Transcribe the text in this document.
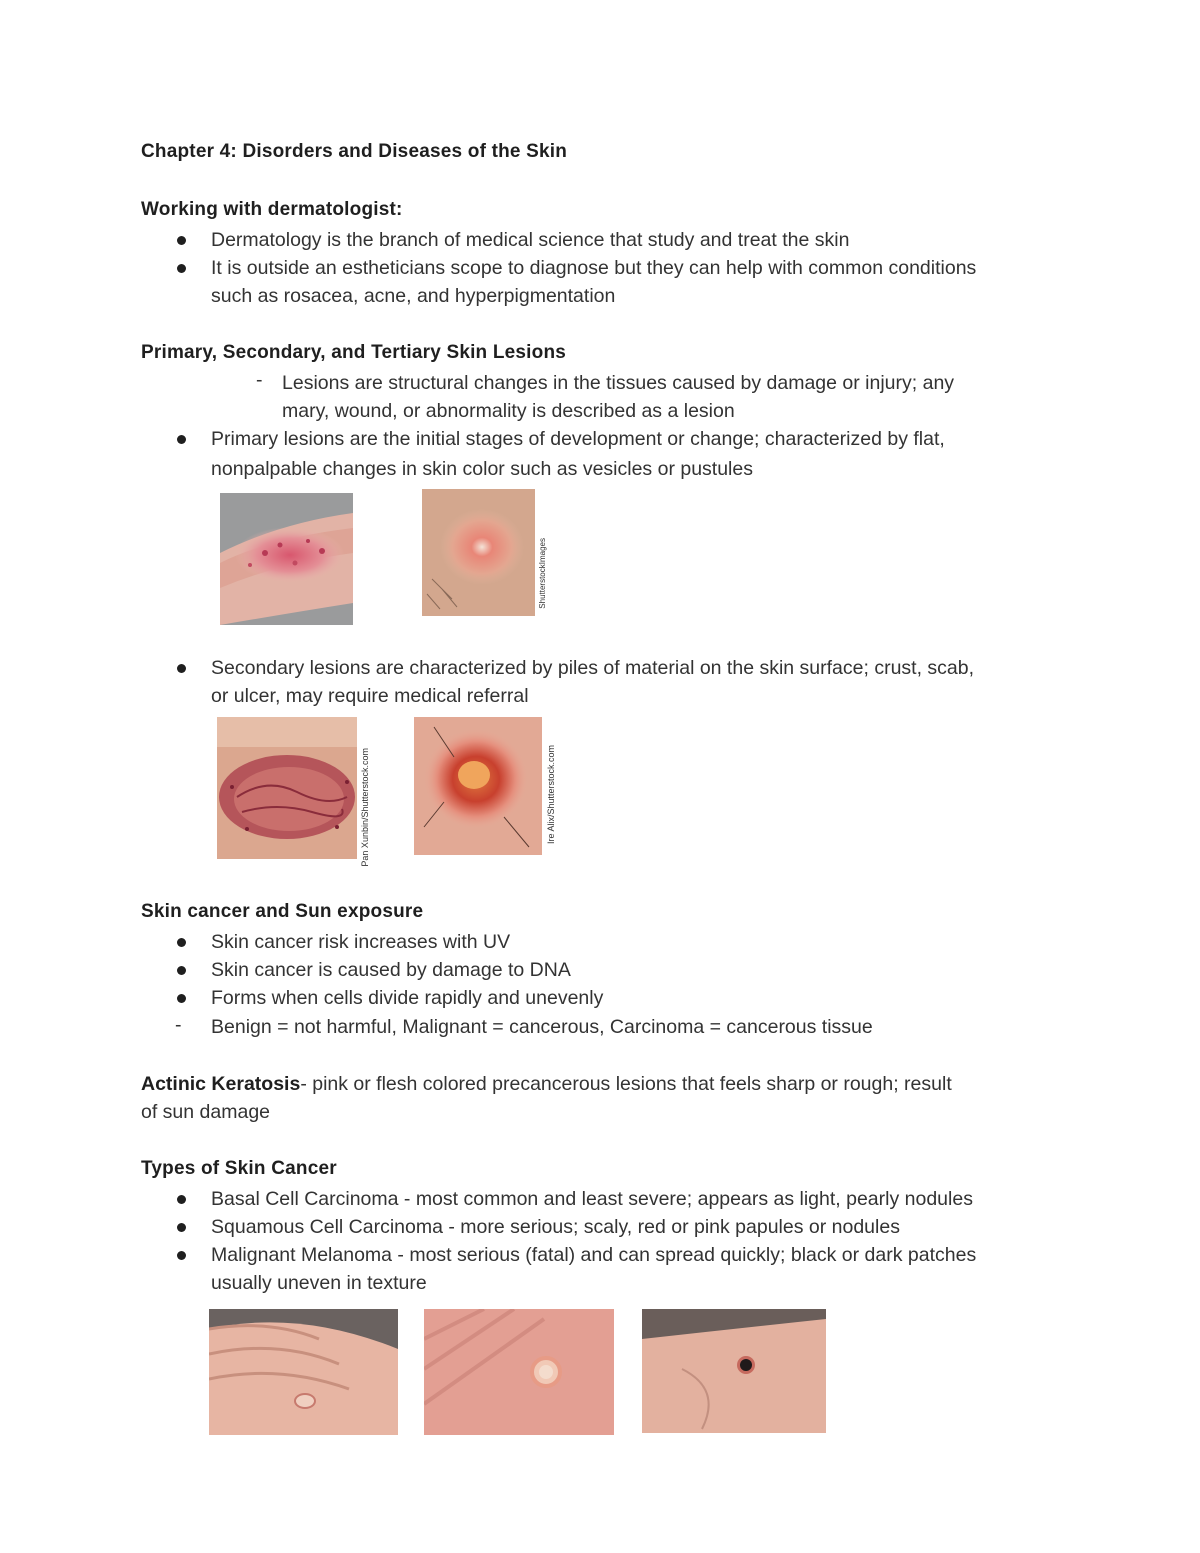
Chapter 4: Disorders and Diseases of the Skin
Working with dermatologist:
Dermatology is the branch of medical science that study and treat the skin
It is outside an estheticians scope to diagnose but they can help with common conditions
such as rosacea, acne, and hyperpigmentation
Primary, Secondary, and Tertiary Skin Lesions
- Lesions are structural changes in the tissues caused by damage or injury; any
mary, wound, or abnormality is described as a lesion
Primary lesions are the initial stages of development or change; characterized by flat,
nonpalpable changes in skin color such as vesicles or pustules
ShutterstockImages
Secondary lesions are characterized by piles of material on the skin surface; crust, scab,
or ulcer, may require medical referral
Pan Xunbin/Shutterstock.com	Ire Alix/Shutterstock.com
Skin cancer and Sun exposure
Skin cancer risk increases with UV
Skin cancer is caused by damage to DNA
Forms when cells divide rapidly and unevenly
- Benign = not harmful, Malignant = cancerous, Carcinoma = cancerous tissue
Actinic Keratosis- pink or flesh colored precancerous lesions that feels sharp or rough; result
of sun damage
Types of Skin Cancer
Basal Cell Carcinoma - most common and least severe; appears as light, pearly nodules
Squamous Cell Carcinoma - more serious; scaly, red or pink papules or nodules
Malignant Melanoma - most serious (fatal) and can spread quickly; black or dark patches
usually uneven in texture
